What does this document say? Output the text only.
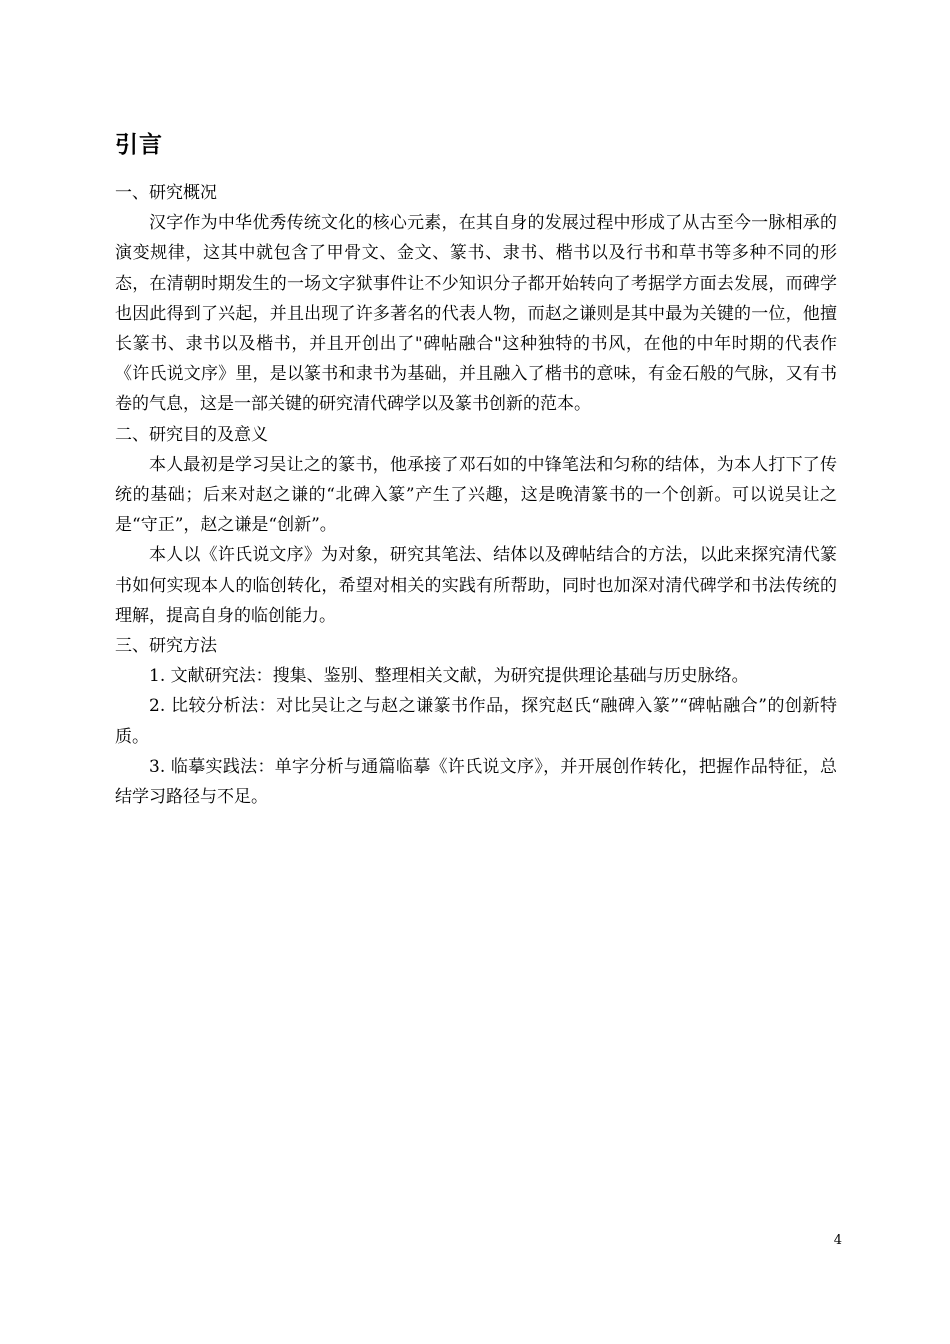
引言

一、研究概况

汉字作为中华优秀传统文化的核心元素，在其自身的发展过程中形成了从古至今一脉相承的演变规律，这其中就包含了甲骨文、金文、篆书、隶书、楷书以及行书和草书等多种不同的形态，在清朝时期发生的一场文字狱事件让不少知识分子都开始转向了考据学方面去发展，而碑学也因此得到了兴起，并且出现了许多著名的代表人物，而赵之谦则是其中最为关键的一位，他擅长篆书、隶书以及楷书，并且开创出了"碑帖融合"这种独特的书风，在他的中年时期的代表作《许氏说文序》里，是以篆书和隶书为基础，并且融入了楷书的意味，有金石般的气脉，又有书卷的气息，这是一部关键的研究清代碑学以及篆书创新的范本。

二、研究目的及意义

本人最初是学习吴让之的篆书，他承接了邓石如的中锋笔法和匀称的结体，为本人打下了传统的基础；后来对赵之谦的“北碑入篆”产生了兴趣，这是晚清篆书的一个创新。可以说吴让之是“守正”，赵之谦是“创新”。

本人以《许氏说文序》为对象，研究其笔法、结体以及碑帖结合的方法，以此来探究清代篆书如何实现本人的临创转化，希望对相关的实践有所帮助，同时也加深对清代碑学和书法传统的理解，提高自身的临创能力。

三、研究方法

1. 文献研究法：搜集、鉴别、整理相关文献，为研究提供理论基础与历史脉络。

2. 比较分析法：对比吴让之与赵之谦篆书作品，探究赵氏“融碑入篆”“碑帖融合”的创新特质。

3. 临摹实践法：单字分析与通篇临摹《许氏说文序》，并开展创作转化，把握作品特征，总结学习路径与不足。

4
